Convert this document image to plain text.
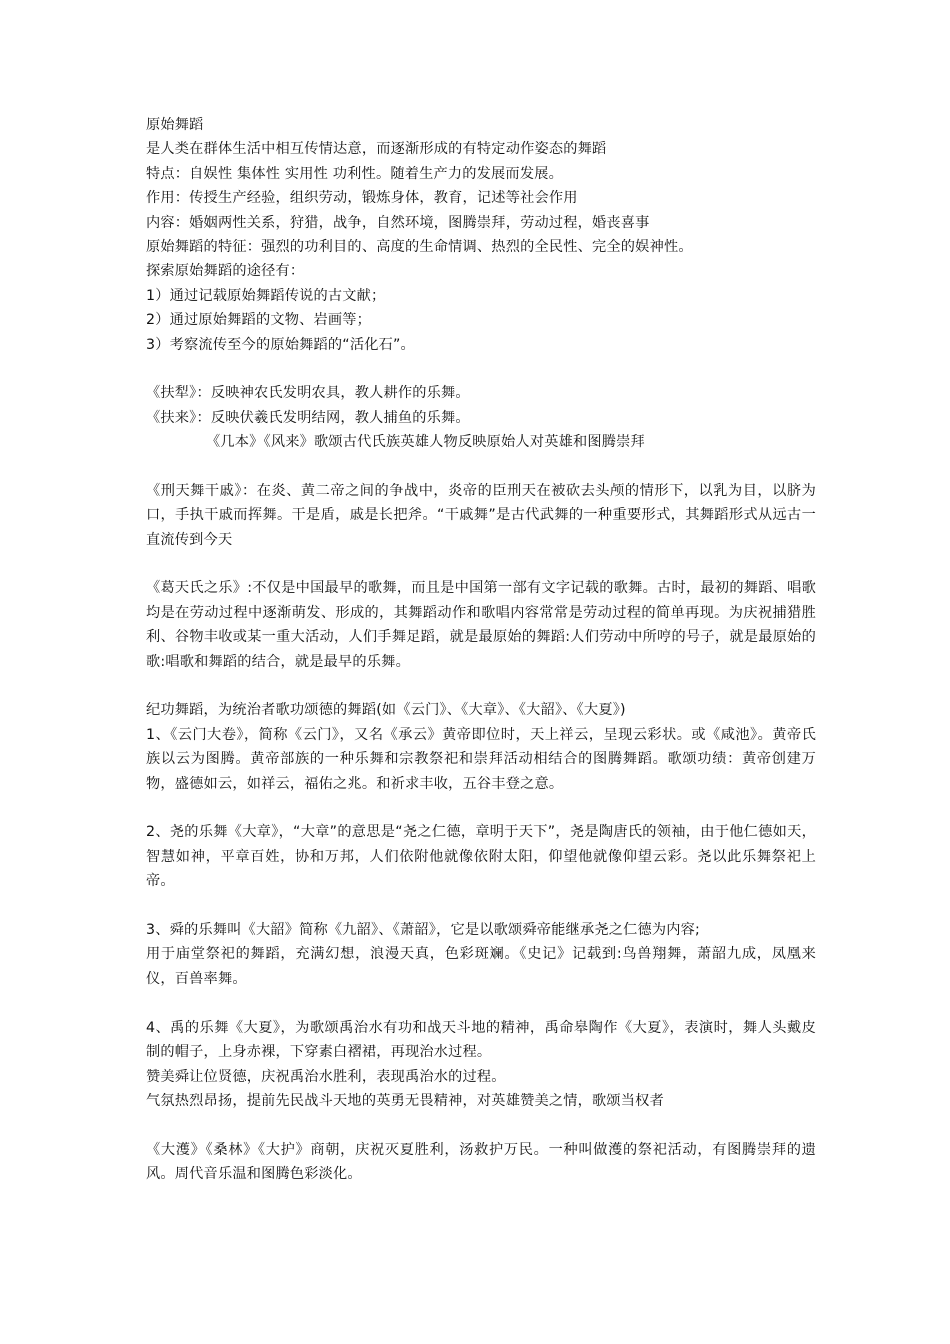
原始舞蹈
是人类在群体生活中相互传情达意，而逐渐形成的有特定动作姿态的舞蹈
特点：自娱性 集体性 实用性 功利性。随着生产力的发展而发展。
作用：传授生产经验，组织劳动，锻炼身体，教育，记述等社会作用
内容：婚姻两性关系，狩猎，战争，自然环境，图腾崇拜，劳动过程，婚丧喜事
原始舞蹈的特征：强烈的功利目的、高度的生命情调、热烈的全民性、完全的娱神性。
探索原始舞蹈的途径有：
1）通过记载原始舞蹈传说的古文献；
2）通过原始舞蹈的文物、岩画等；
3）考察流传至今的原始舞蹈的“活化石”。
《扶犁》：反映神农氏发明农具，教人耕作的乐舞。
《扶来》：反映伏羲氏发明结网，教人捕鱼的乐舞。
《几本》《风来》歌颂古代氏族英雄人物反映原始人对英雄和图腾崇拜
《刑天舞干戚》：在炎、黄二帝之间的争战中，炎帝的臣刑天在被砍去头颅的情形下，以乳为目，以脐为口，手执干戚而挥舞。干是盾，戚是长把斧。“干戚舞”是古代武舞的一种重要形式，其舞蹈形式从远古一直流传到今天
《葛天氏之乐》:不仅是中国最早的歌舞，而且是中国第一部有文字记载的歌舞。古时，最初的舞蹈、唱歌均是在劳动过程中逐渐萌发、形成的，其舞蹈动作和歌唱内容常常是劳动过程的简单再现。为庆祝捕猎胜利、谷物丰收或某一重大活动，人们手舞足蹈，就是最原始的舞蹈:人们劳动中所哼的号子，就是最原始的歌:唱歌和舞蹈的结合，就是最早的乐舞。
纪功舞蹈，为统治者歌功颂德的舞蹈(如《云门》、《大章》、《大韶》、《大夏》)
1、《云门大卷》，简称《云门》，又名《承云》黄帝即位时，天上祥云，呈现云彩状。或《咸池》。黄帝氏族以云为图腾。黄帝部族的一种乐舞和宗教祭祀和崇拜活动相结合的图腾舞蹈。歌颂功绩：黄帝创建万物，盛德如云，如祥云，福佑之兆。和祈求丰收，五谷丰登之意。
2、尧的乐舞《大章》，“大章”的意思是“尧之仁德，章明于天下”，尧是陶唐氏的领袖，由于他仁德如天，智慧如神，平章百姓，协和万邦，人们依附他就像依附太阳，仰望他就像仰望云彩。尧以此乐舞祭祀上帝。
3、舜的乐舞叫《大韶》简称《九韶》、《萧韶》，它是以歌颂舜帝能继承尧之仁德为内容;
用于庙堂祭祀的舞蹈，充满幻想，浪漫天真，色彩斑斓。《史记》记载到:鸟兽翔舞，萧韶九成，凤凰来仪，百兽率舞。
4、禹的乐舞《大夏》，为歌颂禹治水有功和战天斗地的精神，禹命皋陶作《大夏》，表演时，舞人头戴皮制的帽子，上身赤裸，下穿素白褶裙，再现治水过程。
赞美舜让位贤德，庆祝禹治水胜利，表现禹治水的过程。
气氛热烈昂扬，提前先民战斗天地的英勇无畏精神，对英雄赞美之情，歌颂当权者
《大濩》《桑林》《大护》商朝，庆祝灭夏胜利，汤救护万民。一种叫做濩的祭祀活动，有图腾崇拜的遗风。周代音乐温和图腾色彩淡化。
